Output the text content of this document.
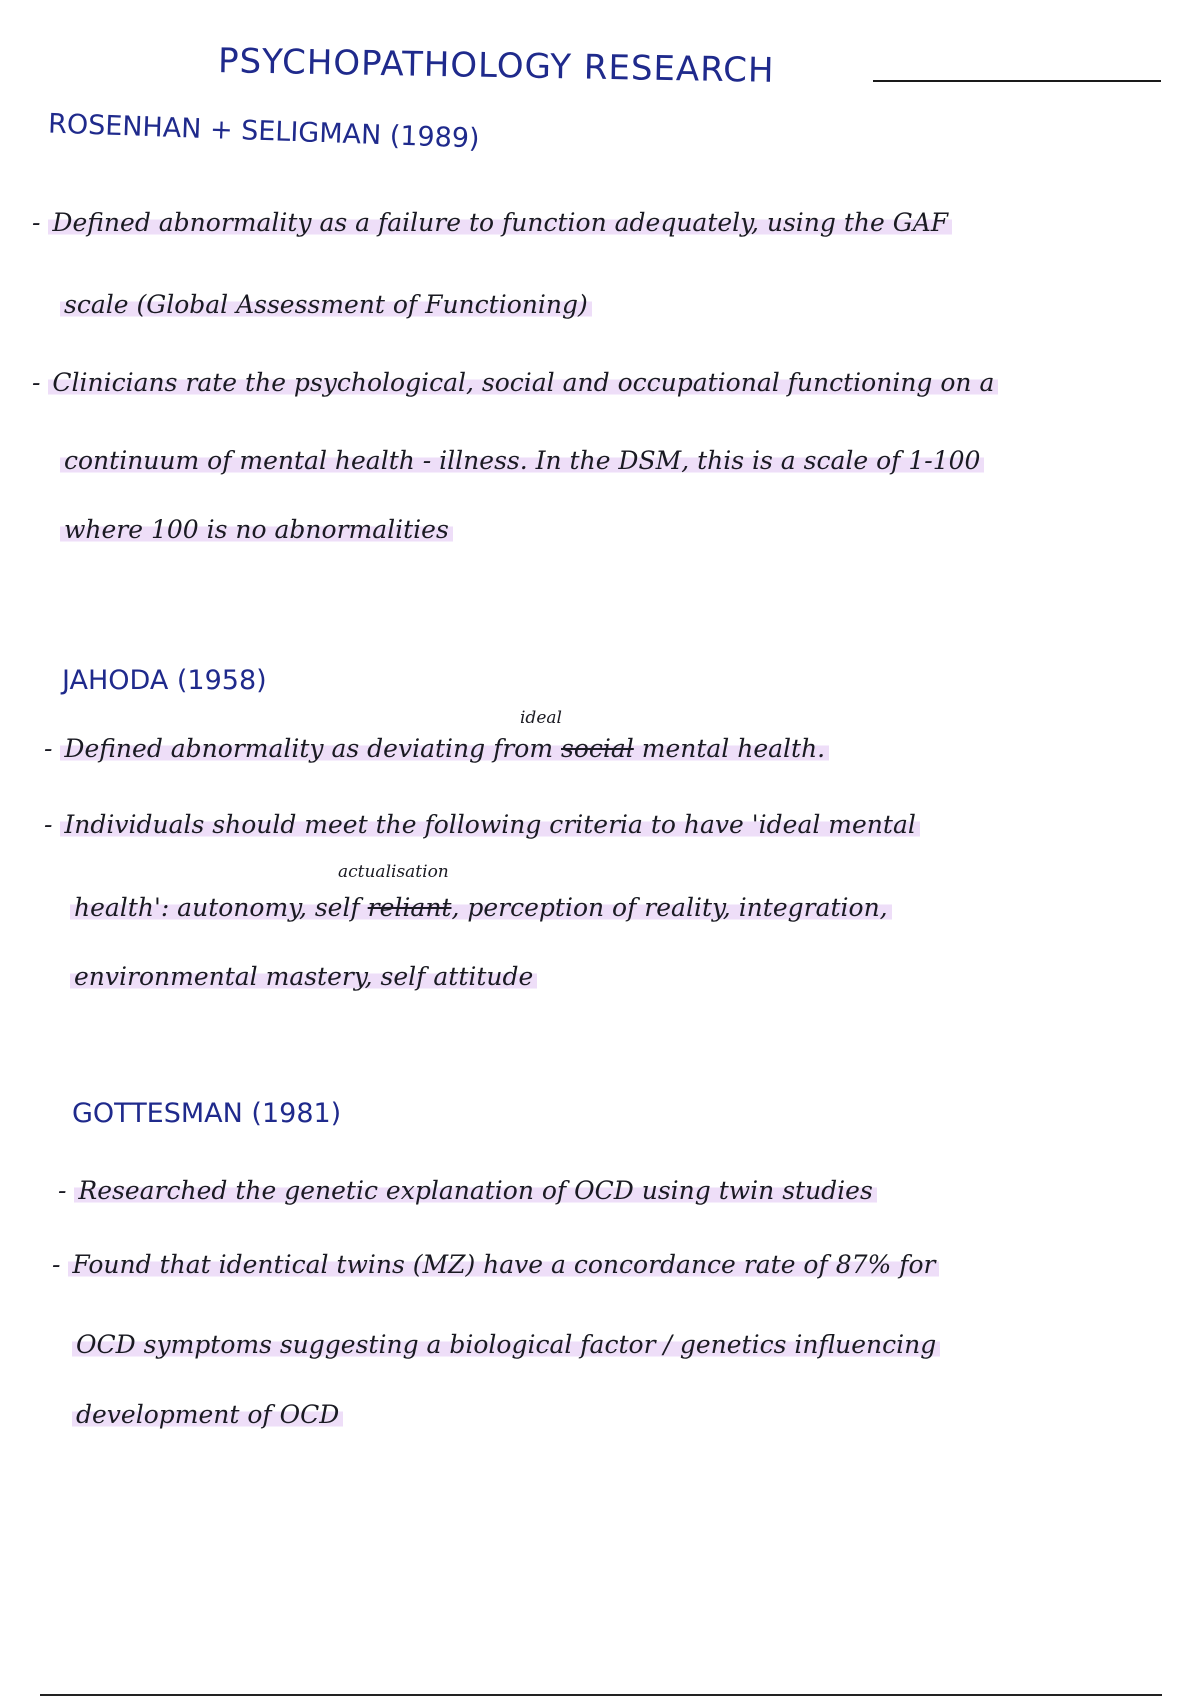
PSYCHOPATHOLOGY RESEARCH
ROSENHAN + SELIGMAN (1989)
- Defined abnormality as a failure to function adequately, using the GAF
scale (Global Assessment of Functioning)
- Clinicians rate the psychological, social and occupational functioning on a
continuum of mental health - illness. In the DSM, this is a scale of 1-100
where 100 is no abnormalities
JAHODA (1958)
ideal
- Defined abnormality as deviating from social mental health.
- Individuals should meet the following criteria to have 'ideal mental
actualisation
health': autonomy, self reliant, perception of reality, integration,
environmental mastery, self attitude
GOTTESMAN (1981)
- Researched the genetic explanation of OCD using twin studies
- Found that identical twins (MZ) have a concordance rate of 87% for
OCD symptoms suggesting a biological factor / genetics influencing
development of OCD
